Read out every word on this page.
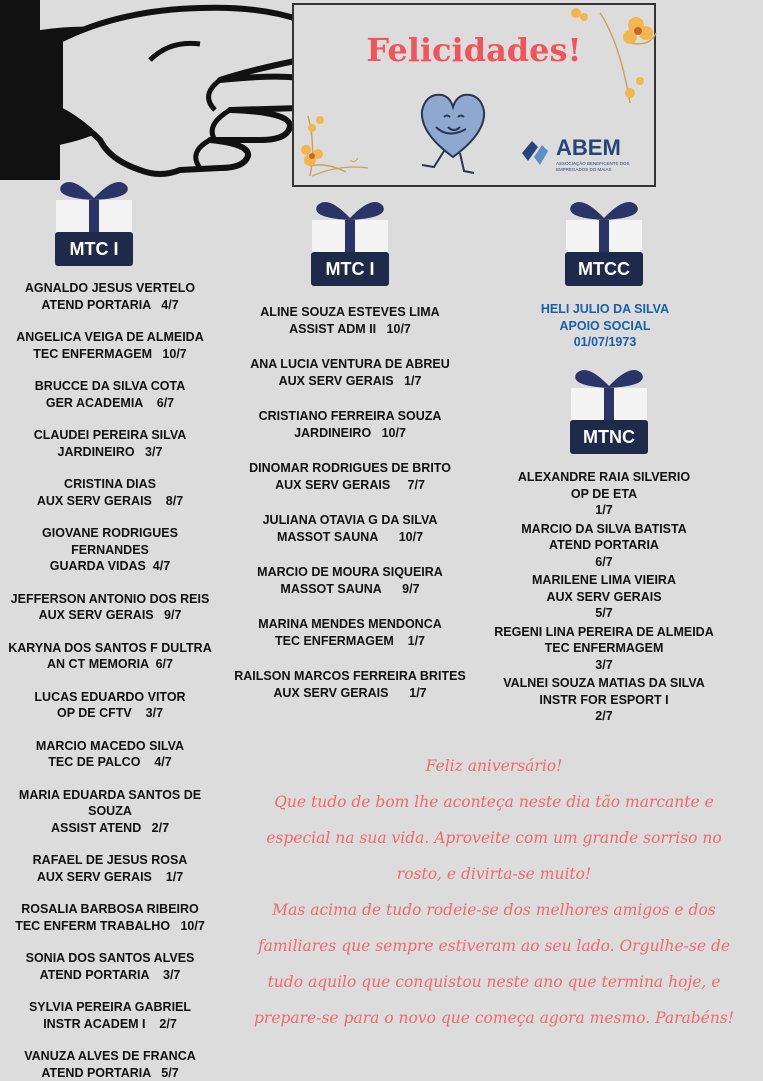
Felicidades!
ABEM
ASSOCIAÇÃO BENEFICENTE DOS EMPREGADOS DO MAIAS
MTC I
MTC I	MTCC
MTNC
AGNALDO JESUS VERTELO
ATEND PORTARIA   4/7
ANGELICA VEIGA DE ALMEIDA
TEC ENFERMAGEM   10/7
BRUCCE DA SILVA COTA
GER ACADEMIA    6/7
CLAUDEI PEREIRA SILVA
JARDINEIRO   3/7
CRISTINA DIAS
AUX SERV GERAIS    8/7
GIOVANE RODRIGUES
FERNANDES
GUARDA VIDAS  4/7
JEFFERSON ANTONIO DOS REIS
AUX SERV GERAIS   9/7
KARYNA DOS SANTOS F DULTRA
AN CT MEMORIA  6/7
LUCAS EDUARDO VITOR
OP DE CFTV    3/7
MARCIO MACEDO SILVA
TEC DE PALCO    4/7
MARIA EDUARDA SANTOS DE
SOUZA
ASSIST ATEND   2/7
RAFAEL DE JESUS ROSA
AUX SERV GERAIS    1/7
ROSALIA BARBOSA RIBEIRO
TEC ENFERM TRABALHO   10/7
SONIA DOS SANTOS ALVES
ATEND PORTARIA    3/7
SYLVIA PEREIRA GABRIEL
INSTR ACADEM I    2/7
VANUZA ALVES DE FRANCA
ATEND PORTARIA   5/7
ALINE SOUZA ESTEVES LIMA
ASSIST ADM II   10/7
ANA LUCIA VENTURA DE ABREU
AUX SERV GERAIS   1/7
CRISTIANO FERREIRA SOUZA
JARDINEIRO   10/7
DINOMAR RODRIGUES DE BRITO
AUX SERV GERAIS     7/7
JULIANA OTAVIA G DA SILVA
MASSOT SAUNA      10/7
MARCIO DE MOURA SIQUEIRA
MASSOT SAUNA      9/7
MARINA MENDES MENDONCA
TEC ENFERMAGEM    1/7
RAILSON MARCOS FERREIRA BRITES
AUX SERV GERAIS      1/7
HELI JULIO DA SILVA
APOIO SOCIAL
01/07/1973
ALEXANDRE RAIA SILVERIO
OP DE ETA
1/7
MARCIO DA SILVA BATISTA
ATEND PORTARIA
6/7
MARILENE LIMA VIEIRA
AUX SERV GERAIS
5/7
REGENI LINA PEREIRA DE ALMEIDA
TEC ENFERMAGEM
3/7
VALNEI SOUZA MATIAS DA SILVA
INSTR FOR ESPORT I
2/7
Feliz aniversário!
Que tudo de bom lhe aconteça neste dia tão marcante e especial na sua vida. Aproveite com um grande sorriso no rosto, e divirta-se muito!
Mas acima de tudo rodeie-se dos melhores amigos e dos familiares que sempre estiveram ao seu lado. Orgulhe-se de tudo aquilo que conquistou neste ano que termina hoje, e prepare-se para o novo que começa agora mesmo. Parabéns!
